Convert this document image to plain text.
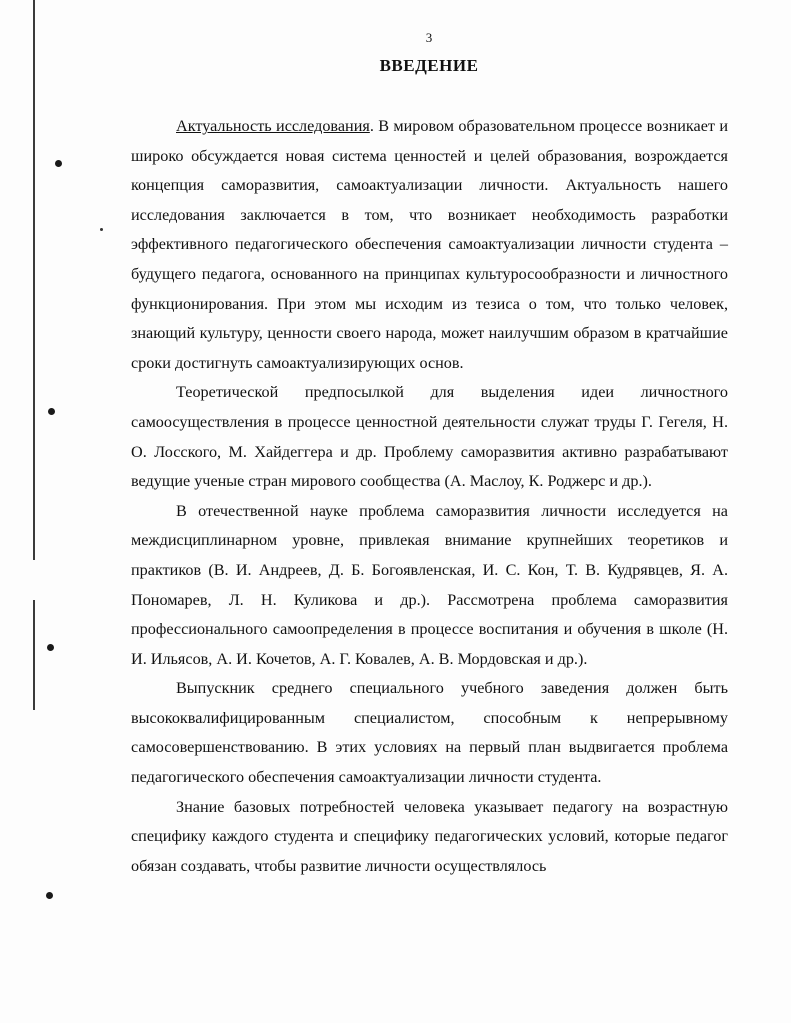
3
ВВЕДЕНИЕ

Актуальность исследования. В мировом образовательном процессе возникает и широко обсуждается новая система ценностей и целей образования, возрождается концепция саморазвития, самоактуализации личности. Актуальность нашего исследования заключается в том, что возникает необходимость разработки эффективного педагогического обеспечения самоактуализации личности студента – будущего педагога, основанного на принципах культуросообразности и личностного функционирования. При этом мы исходим из тезиса о том, что только человек, знающий культуру, ценности своего народа, может наилучшим образом в кратчайшие сроки достигнуть самоактуализирующих основ.

Теоретической предпосылкой для выделения идеи личностного самоосуществления в процессе ценностной деятельности служат труды Г. Гегеля, Н. О. Лосского, М. Хайдеггера и др. Проблему саморазвития активно разрабатывают ведущие ученые стран мирового сообщества (А. Маслоу, К. Роджерс и др.).

В отечественной науке проблема саморазвития личности исследуется на междисциплинарном уровне, привлекая внимание крупнейших теоретиков и практиков (В. И. Андреев, Д. Б. Богоявленская, И. С. Кон, Т. В. Кудрявцев, Я. А. Пономарев, Л. Н. Куликова и др.). Рассмотрена проблема саморазвития профессионального самоопределения в процессе воспитания и обучения в школе (Н. И. Ильясов, А. И. Кочетов, А. Г. Ковалев, А. В. Мордовская и др.).

Выпускник среднего специального учебного заведения должен быть высококвалифицированным специалистом, способным к непрерывному самосовершенствованию. В этих условиях на первый план выдвигается проблема педагогического обеспечения самоактуализации личности студента.

Знание базовых потребностей человека указывает педагогу на возрастную специфику каждого студента и специфику педагогических условий, которые педагог обязан создавать, чтобы развитие личности осуществлялось
